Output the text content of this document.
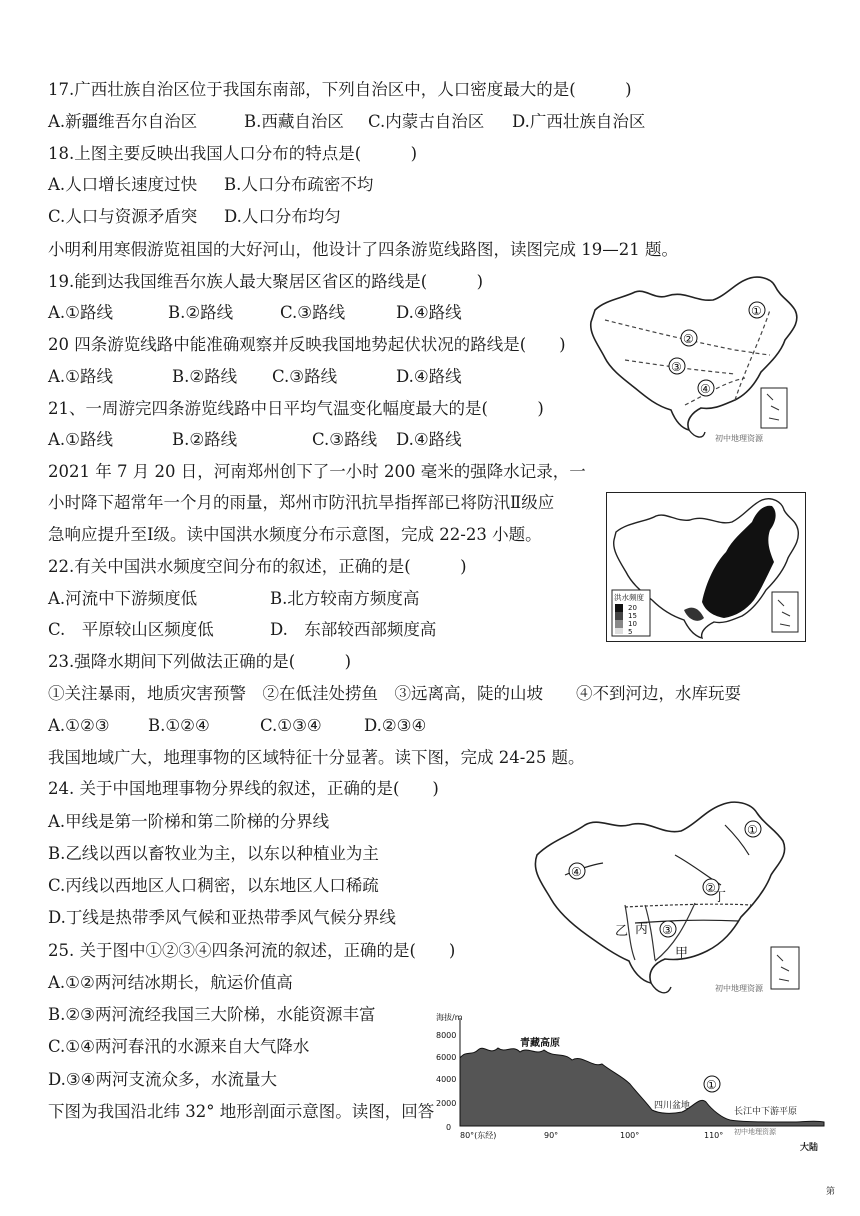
17.广西壮族自治区位于我国东南部，下列自治区中，人口密度最大的是(　　　)
A.新疆维吾尔自治区	B.西藏自治区 C.内蒙古自治区 D.广西壮族自治区
18.上图主要反映出我国人口分布的特点是(　　　)
A.人口增长速度过快 B.人口分布疏密不均
C.人口与资源矛盾突 D.人口分布均匀
小明利用寒假游览祖国的大好河山，他设计了四条游览线路图，读图完成 19—21 题。
19.能到达我国维吾尔族人最大聚居区省区的路线是(　　　)
A.①路线	B.②路线	C.③路线	D.④路线
20 四条游览线路中能准确观察并反映我国地势起伏状况的路线是(　　)
A.①路线	B.②路线 C.③路线	D.④路线
21、一周游完四条游览线路中日平均气温变化幅度最大的是(　　　)
A.①路线	B.②路线	C.③路线 D.④路线
2021 年 7 月 20 日，河南郑州创下了一小时 200 毫米的强降水记录，一
小时降下超常年一个月的雨量，郑州市防汛抗旱指挥部已将防汛Ⅱ级应
急响应提升至Ⅰ级。读中国洪水频度分布示意图，完成 22-23 小题。
22.有关中国洪水频度空间分布的叙述，正确的是(　　　)
A.河流中下游频度低	B.北方较南方频度高
C.　平原较山区频度低	D.　东部较西部频度高
23.强降水期间下列做法正确的是(　　　)
①关注暴雨，地质灾害预警　②在低洼处捞鱼　③远离高，陡的山坡　　④不到河边，水库玩耍
A.①②③ B.①②④	C.①③④	D.②③④
我国地域广大，地理事物的区域特征十分显著。读下图，完成 24-25 题。
24. 关于中国地理事物分界线的叙述，正确的是(　　)
A.甲线是第一阶梯和第二阶梯的分界线
B.乙线以西以畜牧业为主，以东以种植业为主
C.丙线以西地区人口稠密，以东地区人口稀疏
D.丁线是热带季风气候和亚热带季风气候分界线
25. 关于图中①②③④四条河流的叙述，正确的是(　　)
A.①②两河结冰期长，航运价值高
B.②③两河流经我国三大阶梯，水能资源丰富
C.①④两河春汛的水源来自大气降水
D.③④两河支流众多，水流量大
下图为我国沿北纬 32° 地形剖面示意图。读图，回答
①
②
③
④
初中地理资源
洪水频度
20
15
10
5
①
②
③
④
甲
乙 丙
丁
初中地理资源
海拔/m
8000
6000
4000
2000
0
80°(东经)	90°	100°	110°
青藏高原
四川盆地
长江中下游平原
①
大陆
初中地理资源
第
